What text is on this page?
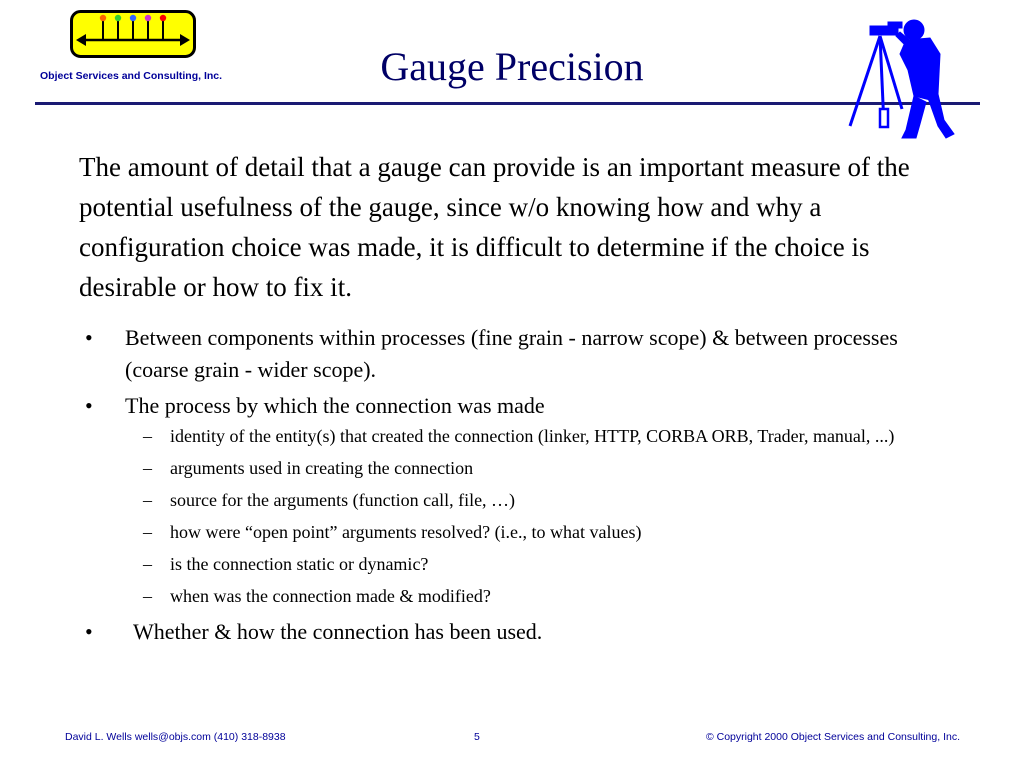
Object Services and Consulting, Inc.	Gauge Precision

The amount of detail that a gauge can provide is an important measure of the potential usefulness of the gauge, since w/o knowing how and why a configuration choice was made, it is difficult to determine if the choice is desirable or how to fix it.

• Between components within processes (fine grain - narrow scope) & between processes (coarse grain - wider scope).
• The process by which the connection was made
– identity of the entity(s) that created the connection (linker, HTTP, CORBA ORB, Trader, manual, ...)
– arguments used in creating the connection
– source for the arguments (function call, file, …)
– how were “open point” arguments resolved? (i.e., to what values)
– is the connection static or dynamic?
– when was the connection made & modified?
• Whether & how the connection has been used.
David L. Wells wells@objs.com (410) 318-8938	5	© Copyright 2000 Object Services and Consulting, Inc.
